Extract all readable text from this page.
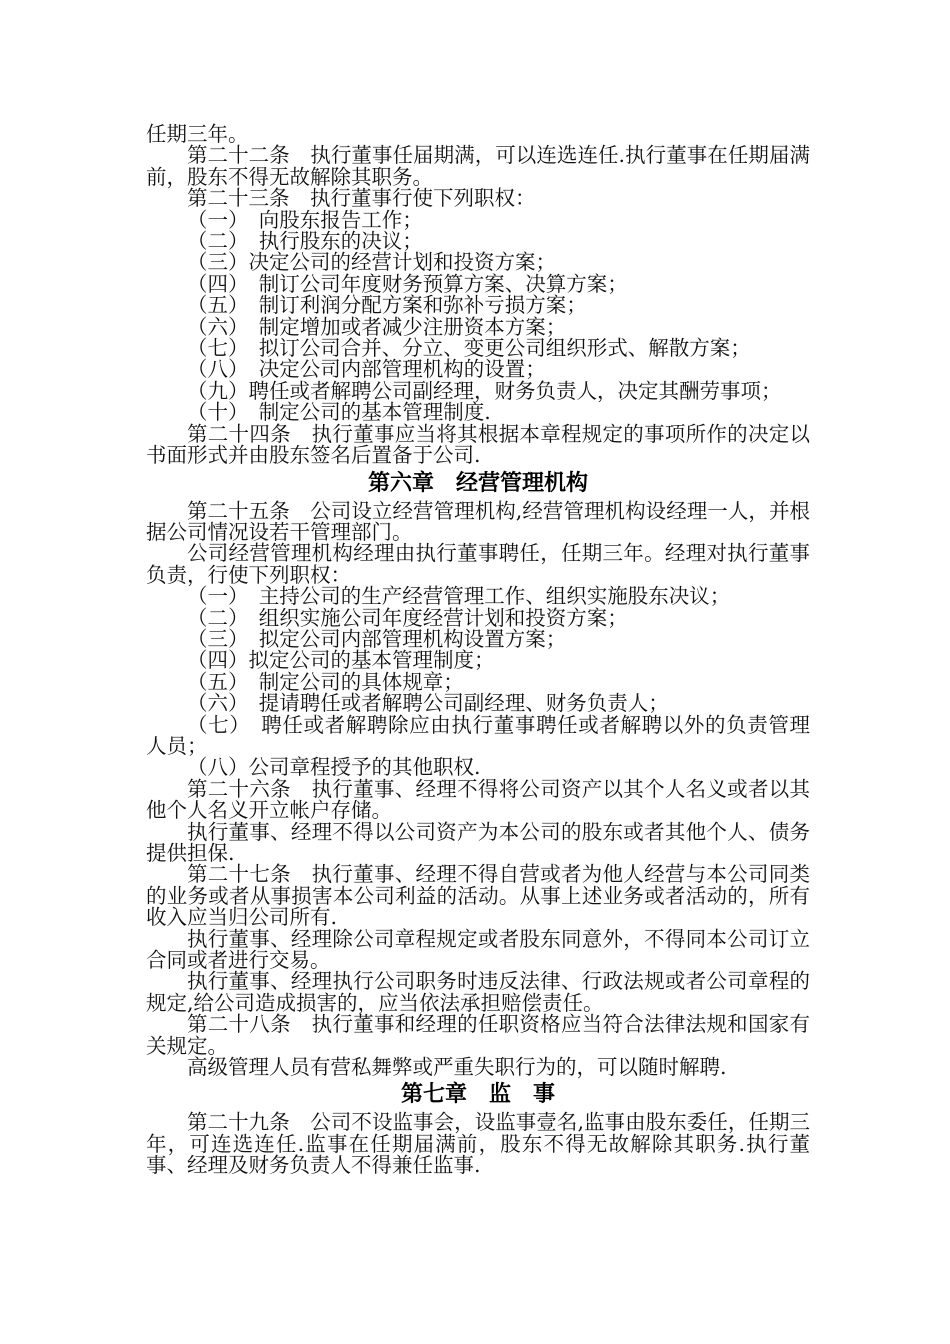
任期三年。
第二十二条　执行董事任届期满，可以连选连任.执行董事在任期届满前，股东不得无故解除其职务。
第二十三条　执行董事行使下列职权：
（一）　向股东报告工作；
（二）　执行股东的决议；
（三）决定公司的经营计划和投资方案；
（四）　制订公司年度财务预算方案、决算方案；
（五）　制订利润分配方案和弥补亏损方案；
（六）　制定增加或者减少注册资本方案；
（七）　拟订公司合并、分立、变更公司组织形式、解散方案；
（八）　决定公司内部管理机构的设置；
（九）聘任或者解聘公司副经理，财务负责人，决定其酬劳事项；
（十）　制定公司的基本管理制度.
第二十四条　执行董事应当将其根据本章程规定的事项所作的决定以书面形式并由股东签名后置备于公司.
第六章　经营管理机构
第二十五条　公司设立经营管理机构,经营管理机构设经理一人，并根据公司情况设若干管理部门。
公司经营管理机构经理由执行董事聘任，任期三年。经理对执行董事负责，行使下列职权：
（一）　主持公司的生产经营管理工作、组织实施股东决议；
（二）　组织实施公司年度经营计划和投资方案；
（三）　拟定公司内部管理机构设置方案；
（四）拟定公司的基本管理制度；
（五）　制定公司的具体规章；
（六）　提请聘任或者解聘公司副经理、财务负责人；
（七）　聘任或者解聘除应由执行董事聘任或者解聘以外的负责管理人员；
（八）公司章程授予的其他职权.
第二十六条　执行董事、经理不得将公司资产以其个人名义或者以其他个人名义开立帐户存储。
执行董事、经理不得以公司资产为本公司的股东或者其他个人、债务提供担保.
第二十七条　执行董事、经理不得自营或者为他人经营与本公司同类的业务或者从事损害本公司利益的活动。从事上述业务或者活动的，所有收入应当归公司所有.
执行董事、经理除公司章程规定或者股东同意外，不得同本公司订立合同或者进行交易。
执行董事、经理执行公司职务时违反法律、行政法规或者公司章程的规定,给公司造成损害的，应当依法承担赔偿责任。
第二十八条　执行董事和经理的任职资格应当符合法律法规和国家有关规定。
高级管理人员有营私舞弊或严重失职行为的，可以随时解聘.
第七章　监　事
第二十九条　公司不设监事会，设监事壹名,监事由股东委任，任期三年，可连选连任.监事在任期届满前，股东不得无故解除其职务.执行董事、经理及财务负责人不得兼任监事.
